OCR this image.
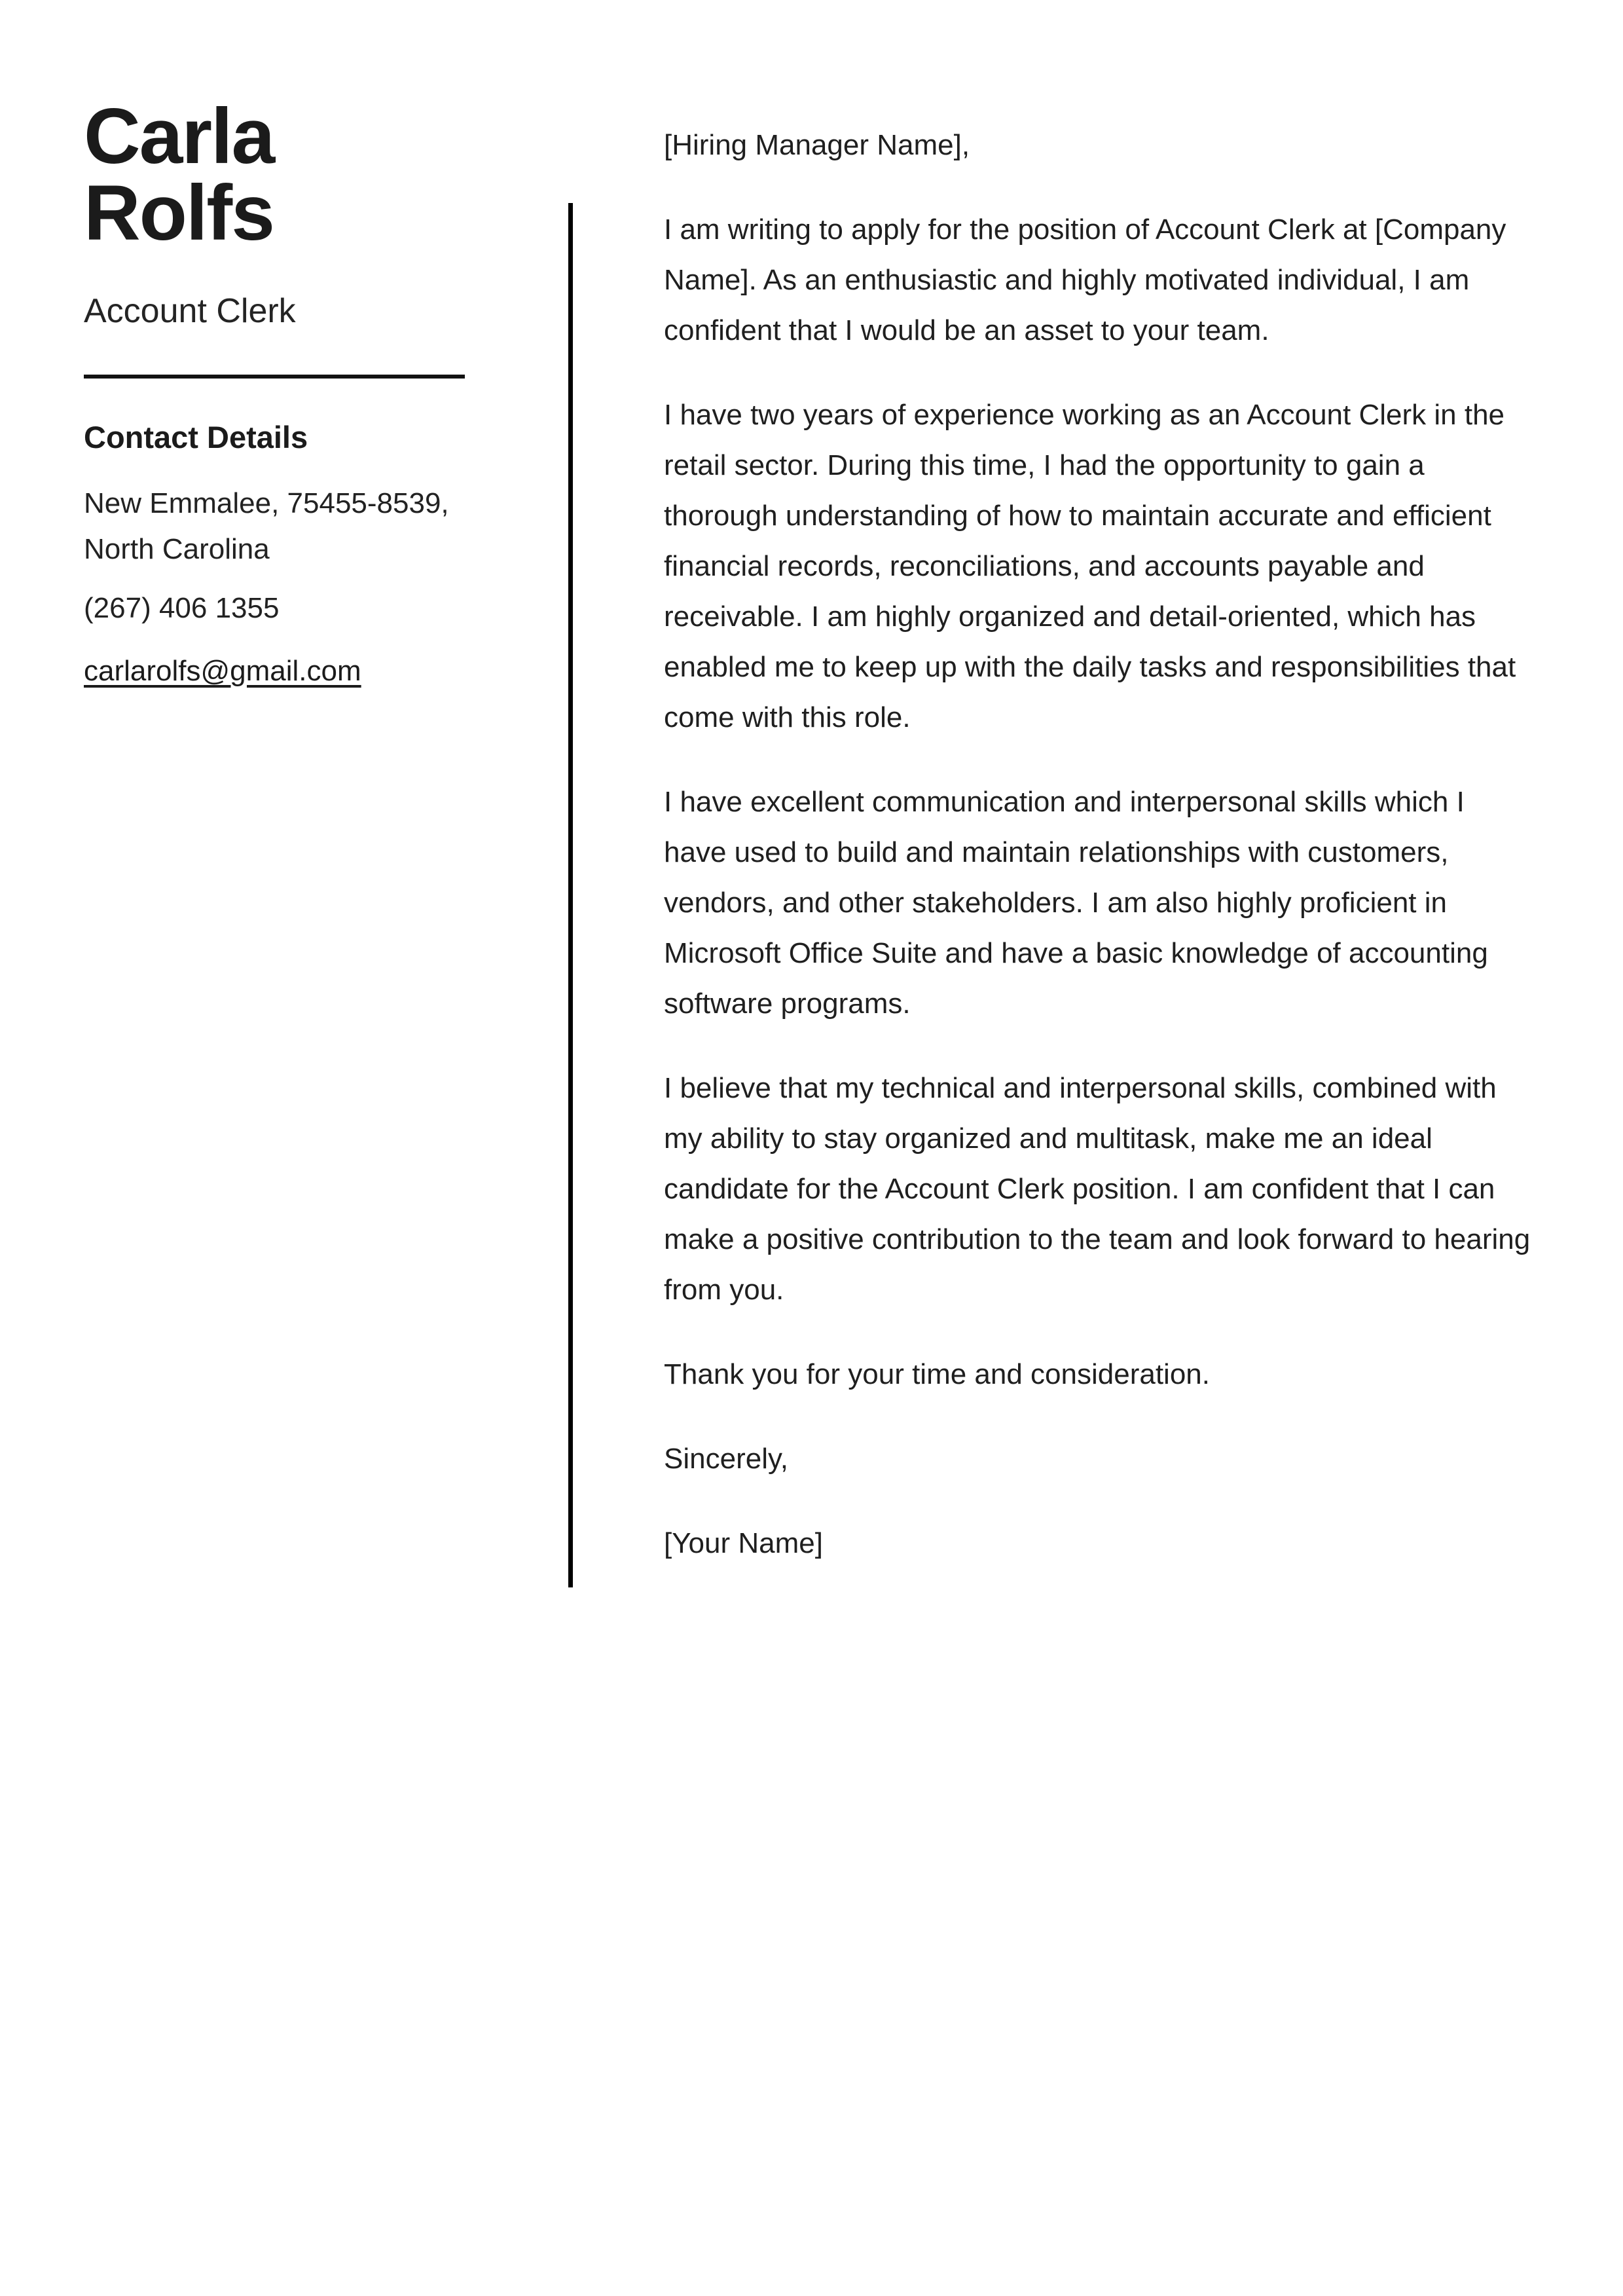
Carla
Rolfs
Account Clerk
Contact Details
New Emmalee, 75455-8539,
North Carolina
(267) 406 1355
carlarolfs@gmail.com

[Hiring Manager Name],

I am writing to apply for the position of Account Clerk at [Company Name]. As an enthusiastic and highly motivated individual, I am confident that I would be an asset to your team.

I have two years of experience working as an Account Clerk in the retail sector. During this time, I had the opportunity to gain a thorough understanding of how to maintain accurate and efficient financial records, reconciliations, and accounts payable and receivable. I am highly organized and detail-oriented, which has enabled me to keep up with the daily tasks and responsibilities that come with this role.

I have excellent communication and interpersonal skills which I have used to build and maintain relationships with customers, vendors, and other stakeholders. I am also highly proficient in Microsoft Office Suite and have a basic knowledge of accounting software programs.

I believe that my technical and interpersonal skills, combined with my ability to stay organized and multitask, make me an ideal candidate for the Account Clerk position. I am confident that I can make a positive contribution to the team and look forward to hearing from you.

Thank you for your time and consideration.

Sincerely,

[Your Name]
